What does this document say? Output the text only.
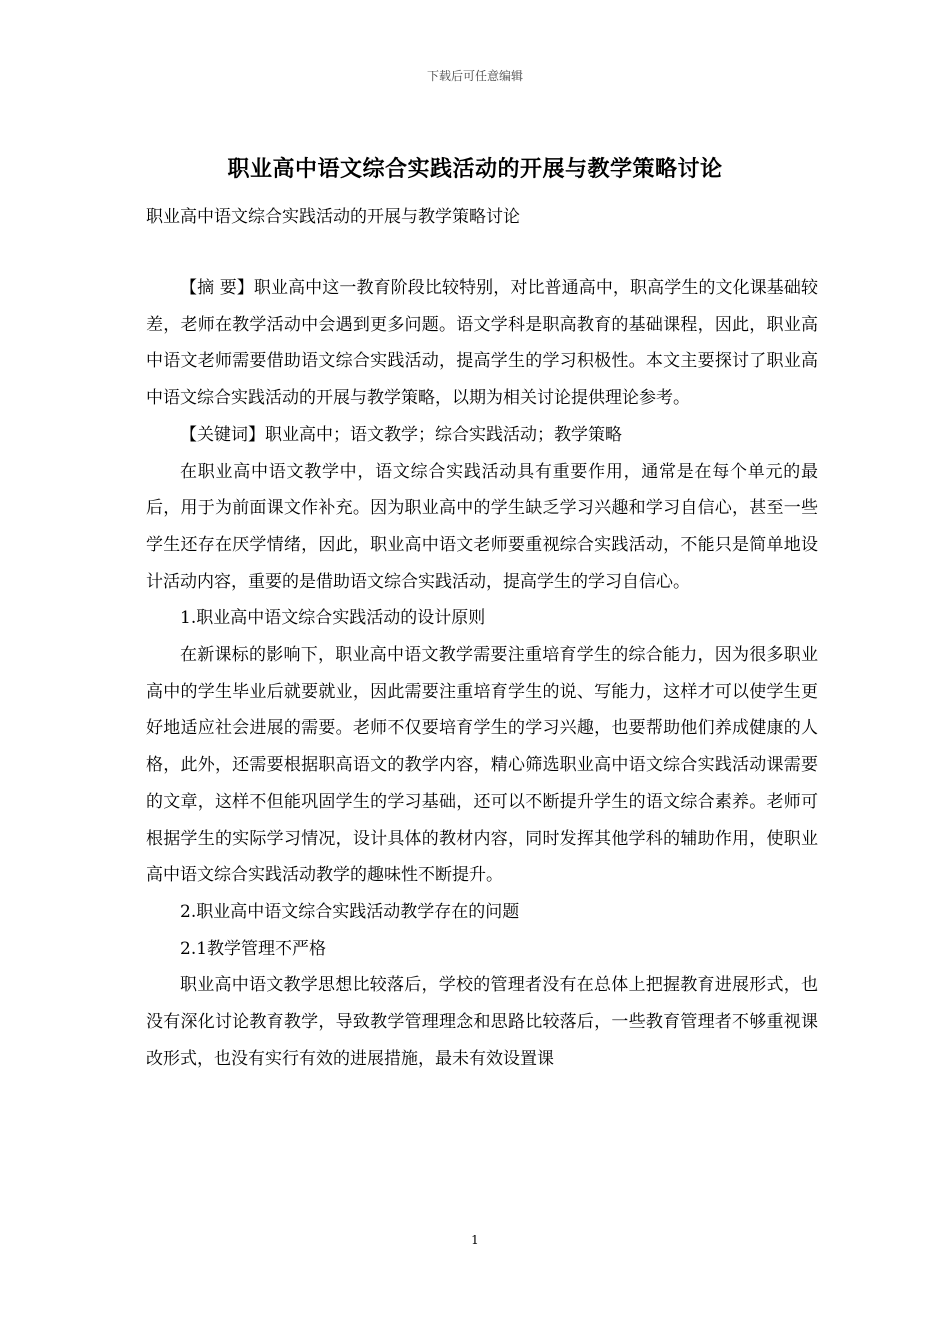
下载后可任意编辑
职业高中语文综合实践活动的开展与教学策略讨论
职业高中语文综合实践活动的开展与教学策略讨论

【摘 要】职业高中这一教育阶段比较特别，对比普通高中，职高学生的文化课基础较差，老师在教学活动中会遇到更多问题。语文学科是职高教育的基础课程，因此，职业高中语文老师需要借助语文综合实践活动，提高学生的学习积极性。本文主要探讨了职业高中语文综合实践活动的开展与教学策略，以期为相关讨论提供理论参考。

【关键词】职业高中；语文教学；综合实践活动；教学策略

在职业高中语文教学中，语文综合实践活动具有重要作用，通常是在每个单元的最后，用于为前面课文作补充。因为职业高中的学生缺乏学习兴趣和学习自信心，甚至一些学生还存在厌学情绪，因此，职业高中语文老师要重视综合实践活动，不能只是简单地设计活动内容，重要的是借助语文综合实践活动，提高学生的学习自信心。

1.职业高中语文综合实践活动的设计原则

在新课标的影响下，职业高中语文教学需要注重培育学生的综合能力，因为很多职业高中的学生毕业后就要就业，因此需要注重培育学生的说、写能力，这样才可以使学生更好地适应社会进展的需要。老师不仅要培育学生的学习兴趣，也要帮助他们养成健康的人格，此外，还需要根据职高语文的教学内容，精心筛选职业高中语文综合实践活动课需要的文章，这样不但能巩固学生的学习基础，还可以不断提升学生的语文综合素养。老师可根据学生的实际学习情况，设计具体的教材内容，同时发挥其他学科的辅助作用，使职业高中语文综合实践活动教学的趣味性不断提升。

2.职业高中语文综合实践活动教学存在的问题

2.1教学管理不严格

职业高中语文教学思想比较落后，学校的管理者没有在总体上把握教育进展形式，也没有深化讨论教育教学，导致教学管理理念和思路比较落后，一些教育管理者不够重视课改形式，也没有实行有效的进展措施，最未有效设置课

1
